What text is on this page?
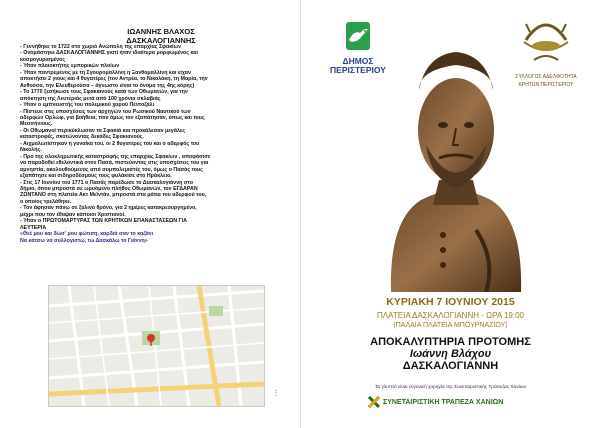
ΙΩΑΝΝΗΣ ΒΛΑΧΟΣ
ΔΑΣΚΑΛΟΓΙΑΝΝΗΣ
- Γεννήθηκε το 1722 στο χωριό Ανώπολη της επαρχίας Σφακίων
- Ονομάστηκε ΔΑΣΚΑΛΟΓΙΑΝΝΗΣ γιατί ήταν ιδιαίτερα μορφωμένος και
κοσμογυρισμένος
- Ήταν πλοιοκτήτης εμπορικών πλοίων
- Ήταν παντρεμένος με τη Σγουρομαλλίνη η Ξανθομαλλίνη και είχαν
αποκτήσει 2 γιους και 4 θυγατέρες (τον Αντρέα, το Νικολάκη, τη Μαρία, την
Ανθούσα, την Ελευθερούσα – άγνωστο είναι το όνομα της 4ης κόρης)
- Το 1770 ξεσήκωσε τους Σφακιανούς κατά των Οθωμανών, για την
απόκτηση της Λευτεριάς μετά από 100 χρόνια σκλαβιάς
- Ήταν ο εμπνευστής του πολεμικού χορού Πεντοζάλι
- Πίστευε στις υποσχέσεις των αρχηγών του Ρωσικού Ναυτικού των
αδερφών Ορλώφ, για βοήθεια, που όμως τον εξαπάτησαν, όπως και τους
Μεσσήνιους.
- Οι Οθωμανοί περικύκλωσαν τα Σφακιά και προκάλεσαν μεγάλες
καταστροφές, σκοτώνοντας δεκάδες Σφακιανούς.
- Αιχμαλωτίστηκαν η γυναίκα του, οι 2 θυγατέρες του και ο αδερφός του
Νικολής.
- Προ της ολοκληρωτικής καταστροφής της επαρχίας Σφακίων , αποφάσισε
να παραδοθεί εθελοντικά στον Πασά, πιστεύοντας στις υποσχέσεις του για
αμνηστία, ακολουθούμενος από συμπολεμιστές του, όμως ο Πασάς τους
εξαπάτησε και σιδηροδέσμους τους φυλάκισε στο Ηράκλειο.
- Στις 17 Ιουνίου του 1771 ο Πασάς παρέδωσε το Δασκαλογιάννη στο
δήμιο, όπου μπροστά σε ωρυόμενο πλήθος Οθωμανών, τον ΕΓΔΑΡΑΝ
ΖΩΝΤΑΝΟ στη πλατεία Ακτ Μεϊντάν, μπροστά στα μάτια του αδερφού του,
ο οποίος τρελάθηκε.
- Τον άφησαν πάνω σε ξύλινο θρόνο, για 2 ημέρες κατακρεουργημένο,
μέχρι που τον έθαψαν κάποιοι Χριστιανοί.
- Ήταν ο ΠΡΩΤΟΜΑΡΤΥΡΑΣ ΤΩΝ ΚΡΗΤΙΚΩΝ ΕΠΑΝΑΣΤΑΣΕΩΝ ΓΙΑ
ΛΕΥΤΕΡΙΑ
«Θεέ μου και δώσ' μου φώτιση, καρδιά σαν το καζάνι
Να κάτσω να συλλογιστώ, τω Δασκάλω το Γιάννη»
▪ ▪ ▪
ΔΗΜΟΣ
ΠΕΡΙΣΤΕΡΙΟΥ
ΣΥΛΛΟΓΟΣ ΑΔΕΛΦΟΤΗΤΑ
ΚΡΗΤΩΝ ΠΕΡΙΣΤΕΡΙΟΥ
ΚΥΡΙΑΚΗ 7 ΙΟΥΝΙΟΥ 2015
ΠΛΑΤΕΙΑ ΔΑΣΚΑΛΟΓΙΑΝΝΗ - ΩΡΑ 19:00
(ΠΑΛΑΙΑ ΠΛΑΤΕΙΑ ΜΠΟΥΡΝΑΖΙΟΥ)
ΑΠΟΚΑΛΥΠΤΗΡΙΑ ΠΡΟΤΟΜΗΣ
Ιωάννη Βλάχου
ΔΑΣΚΑΛΟΓΙΑΝΝΗ
Τα γλυπτό είναι ευγενική χορηγία της Συνεταιριστικής Τράπεζας Χανίων
ΣΥΝΕΤΑΙΡΙΣΤΙΚΗ ΤΡΑΠΕΖΑ ΧΑΝΙΩΝ
